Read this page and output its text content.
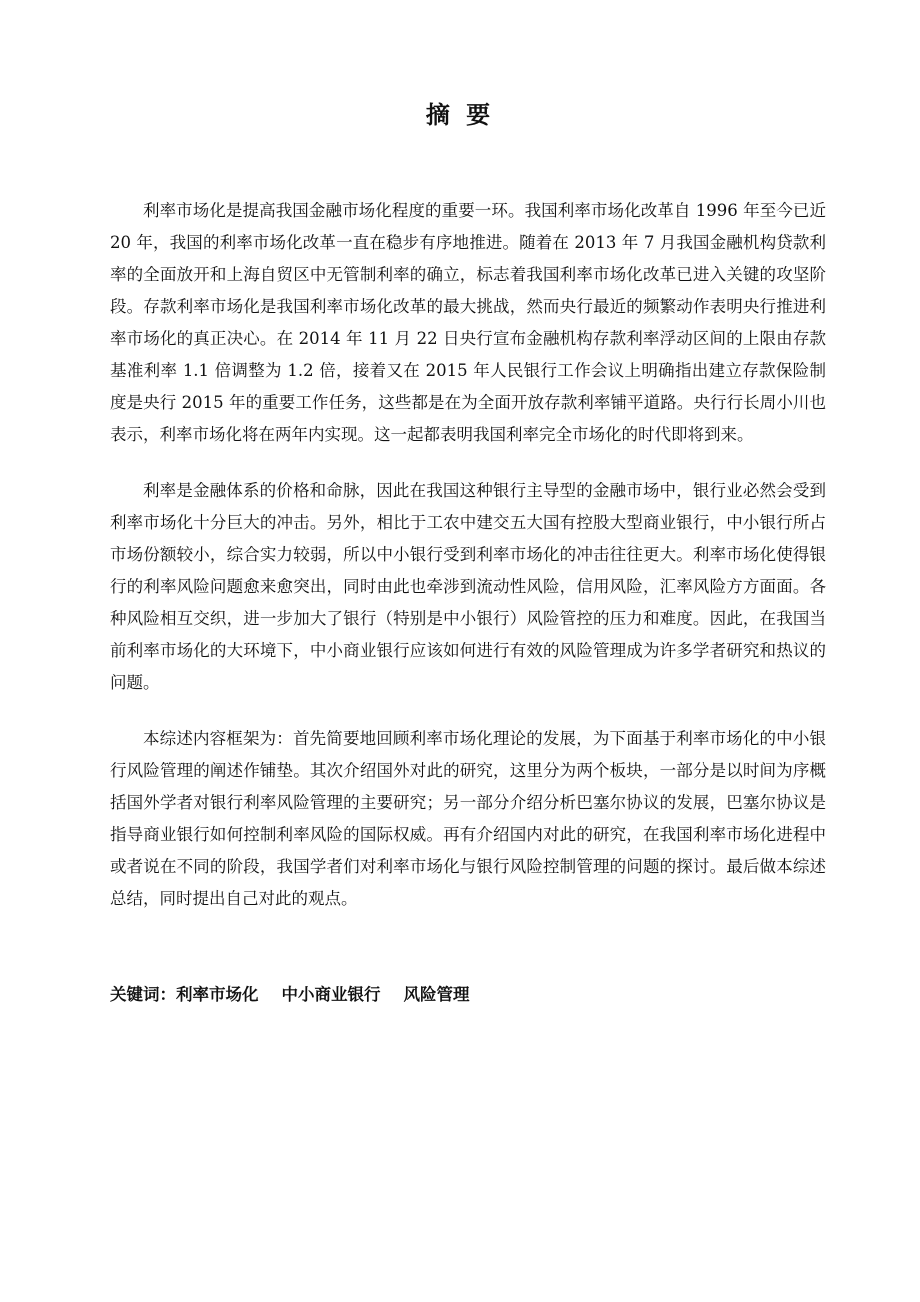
摘 要

利率市场化是提高我国金融市场化程度的重要一环。我国利率市场化改革自 1996 年至今已近 20 年，我国的利率市场化改革一直在稳步有序地推进。随着在 2013 年 7 月我国金融机构贷款利率的全面放开和上海自贸区中无管制利率的确立，标志着我国利率市场化改革已进入关键的攻坚阶段。存款利率市场化是我国利率市场化改革的最大挑战，然而央行最近的频繁动作表明央行推进利率市场化的真正决心。在 2014 年 11 月 22 日央行宣布金融机构存款利率浮动区间的上限由存款基准利率 1.1 倍调整为 1.2 倍，接着又在 2015 年人民银行工作会议上明确指出建立存款保险制度是央行 2015 年的重要工作任务，这些都是在为全面开放存款利率铺平道路。央行行长周小川也表示，利率市场化将在两年内实现。这一起都表明我国利率完全市场化的时代即将到来。

利率是金融体系的价格和命脉，因此在我国这种银行主导型的金融市场中，银行业必然会受到利率市场化十分巨大的冲击。另外，相比于工农中建交五大国有控股大型商业银行，中小银行所占市场份额较小，综合实力较弱，所以中小银行受到利率市场化的冲击往往更大。利率市场化使得银行的利率风险问题愈来愈突出，同时由此也牵涉到流动性风险，信用风险，汇率风险方方面面。各种风险相互交织，进一步加大了银行（特别是中小银行）风险管控的压力和难度。因此，在我国当前利率市场化的大环境下，中小商业银行应该如何进行有效的风险管理成为许多学者研究和热议的问题。

本综述内容框架为：首先简要地回顾利率市场化理论的发展，为下面基于利率市场化的中小银行风险管理的阐述作铺垫。其次介绍国外对此的研究，这里分为两个板块，一部分是以时间为序概括国外学者对银行利率风险管理的主要研究；另一部分介绍分析巴塞尔协议的发展，巴塞尔协议是指导商业银行如何控制利率风险的国际权威。再有介绍国内对此的研究，在我国利率市场化进程中或者说在不同的阶段，我国学者们对利率市场化与银行风险控制管理的问题的探讨。最后做本综述总结，同时提出自己对此的观点。

关键词：利率市场化    中小商业银行    风险管理
